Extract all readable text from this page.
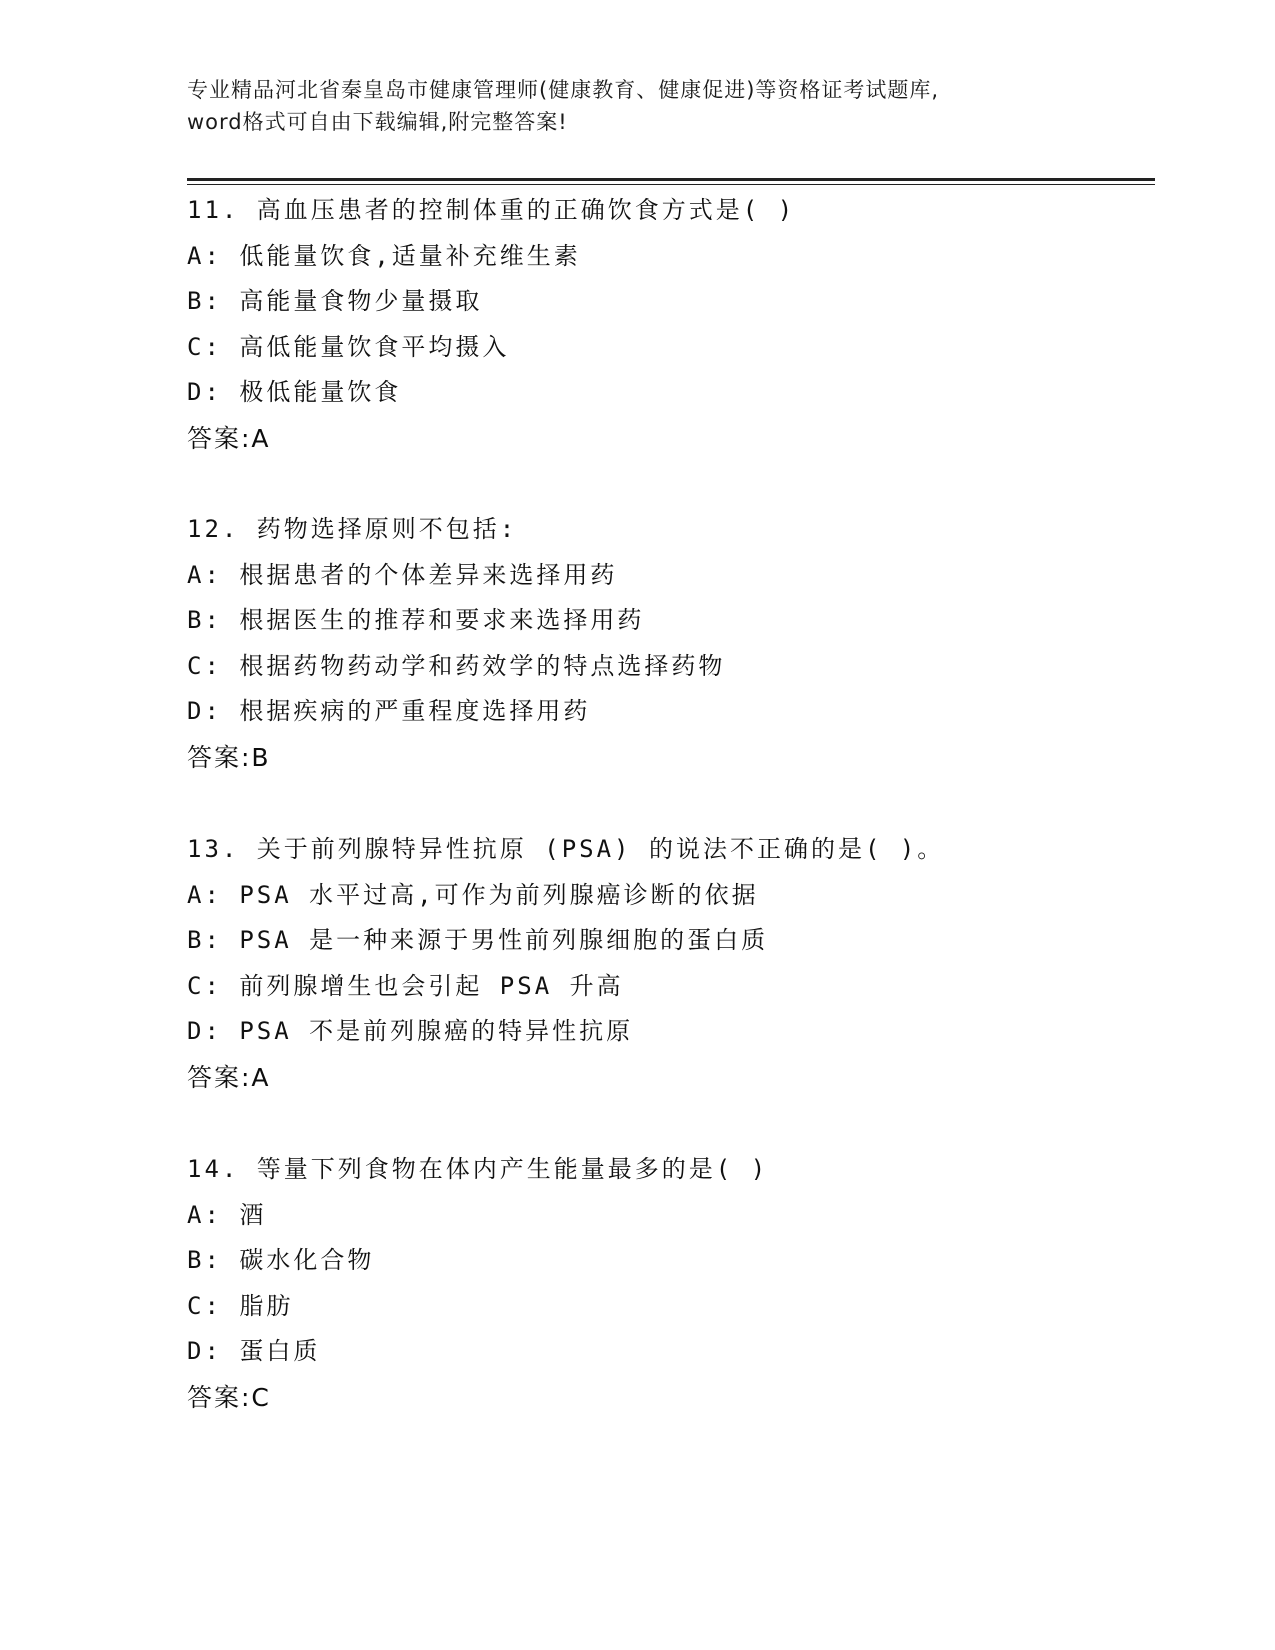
专业精品河北省秦皇岛市健康管理师(健康教育、健康促进)等资格证考试题库,
word格式可自由下载编辑,附完整答案!
11. 高血压患者的控制体重的正确饮食方式是( )
A: 低能量饮食,适量补充维生素
B: 高能量食物少量摄取
C: 高低能量饮食平均摄入
D: 极低能量饮食
答案:A
12. 药物选择原则不包括:
A: 根据患者的个体差异来选择用药
B: 根据医生的推荐和要求来选择用药
C: 根据药物药动学和药效学的特点选择药物
D: 根据疾病的严重程度选择用药
答案:B
13. 关于前列腺特异性抗原 (PSA) 的说法不正确的是( )。
A: PSA 水平过高,可作为前列腺癌诊断的依据
B: PSA 是一种来源于男性前列腺细胞的蛋白质
C: 前列腺增生也会引起 PSA 升高
D: PSA 不是前列腺癌的特异性抗原
答案:A
14. 等量下列食物在体内产生能量最多的是( )
A: 酒
B: 碳水化合物
C: 脂肪
D: 蛋白质
答案:C
